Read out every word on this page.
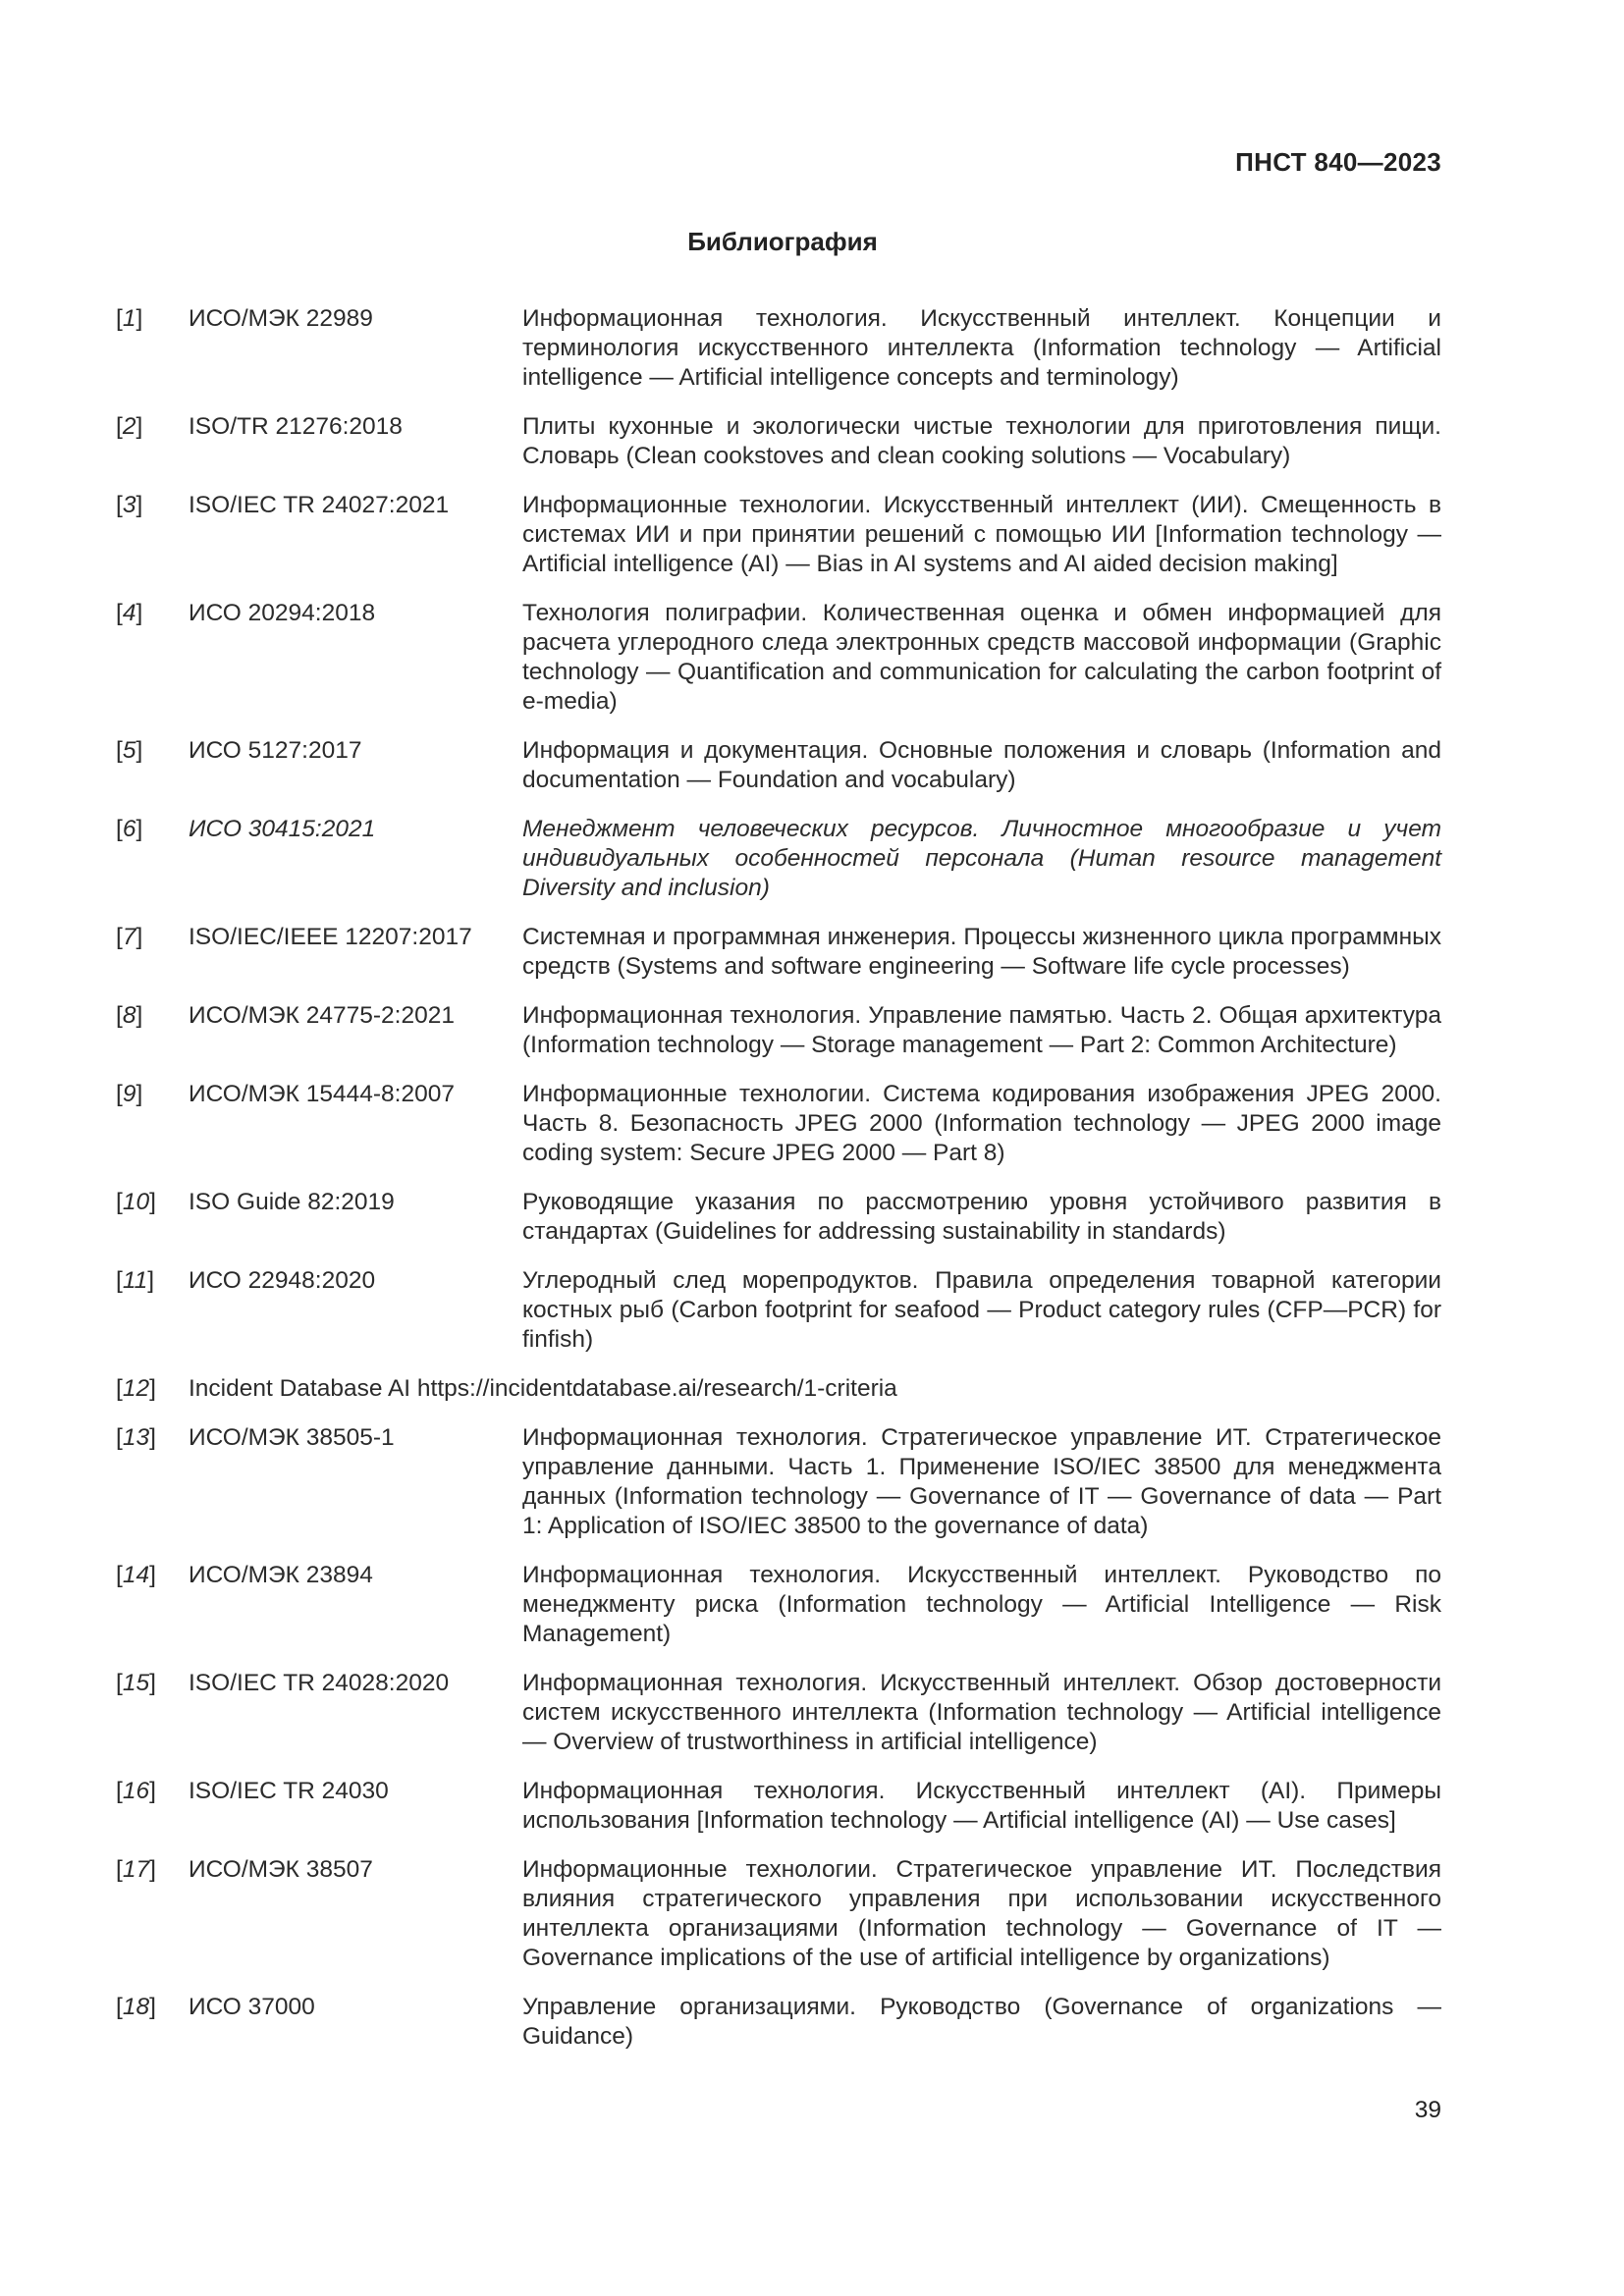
ПНСТ 840—2023
Библиография
[1]	ИСО/МЭК 22989	Информационная технология. Искусственный интеллект. Концепции и терминология искусственного интеллекта (Information technology — Artificial intelligence — Artificial intelligence concepts and terminology)
[2]	ISO/TR 21276:2018	Плиты кухонные и экологически чистые технологии для приготовления пищи. Словарь (Clean cookstoves and clean cooking solutions — Vocabulary)
[3]	ISO/IEC TR 24027:2021	Информационные технологии. Искусственный интеллект (ИИ). Смещенность в системах ИИ и при принятии решений с помощью ИИ [Information technology — Artificial intelligence (AI) — Bias in AI systems and AI aided decision making]
[4]	ИСО 20294:2018	Технология полиграфии. Количественная оценка и обмен информацией для расчета углеродного следа электронных средств массовой информации (Graphic technology — Quantification and communication for calculating the carbon footprint of e-media)
[5]	ИСО 5127:2017	Информация и документация. Основные положения и словарь (Information and documentation — Foundation and vocabulary)
[6]	ИСО 30415:2021	Менеджмент человеческих ресурсов. Личностное многообразие и учет индивидуальных особенностей персонала (Human resource management Diversity and inclusion)
[7]	ISO/IEC/IEEE 12207:2017	Системная и программная инженерия. Процессы жизненного цикла программных средств (Systems and software engineering — Software life cycle processes)
[8]	ИСО/МЭК 24775-2:2021	Информационная технология. Управление памятью. Часть 2. Общая архитектура (Information technology — Storage management — Part 2: Common Architecture)
[9]	ИСО/МЭК 15444-8:2007	Информационные технологии. Система кодирования изображения JPEG 2000. Часть 8. Безопасность JPEG 2000 (Information technology — JPEG 2000 image coding system: Secure JPEG 2000 — Part 8)
[10]	ISO Guide 82:2019	Руководящие указания по рассмотрению уровня устойчивого развития в стандартах (Guidelines for addressing sustainability in standards)
[11]	ИСО 22948:2020	Углеродный след морепродуктов. Правила определения товарной категории костных рыб (Carbon footprint for seafood — Product category rules (CFP—PCR) for finfish)
[12]	Incident Database AI https://incidentdatabase.ai/research/1-criteria
[13]	ИСО/МЭК 38505-1	Информационная технология. Стратегическое управление ИТ. Стратегическое управление данными. Часть 1. Применение ISO/IEC 38500 для менеджмента данных (Information technology — Governance of IT — Governance of data — Part 1: Application of ISO/IEC 38500 to the governance of data)
[14]	ИСО/МЭК 23894	Информационная технология. Искусственный интеллект. Руководство по менеджменту риска (Information technology — Artificial Intelligence — Risk Management)
[15]	ISO/IEC TR 24028:2020	Информационная технология. Искусственный интеллект. Обзор достоверности систем искусственного интеллекта (Information technology — Artificial intelligence — Overview of trustworthiness in artificial intelligence)
[16]	ISO/IEC TR 24030	Информационная технология. Искусственный интеллект (AI). Примеры использования [Information technology — Artificial intelligence (AI) — Use cases]
[17]	ИСО/МЭК 38507	Информационные технологии. Стратегическое управление ИТ. Последствия влияния стратегического управления при использовании искусственного интеллекта организациями (Information technology — Governance of IT — Governance implications of the use of artificial intelligence by organizations)
[18]	ИСО 37000	Управление организациями. Руководство (Governance of organizations — Guidance)
39
